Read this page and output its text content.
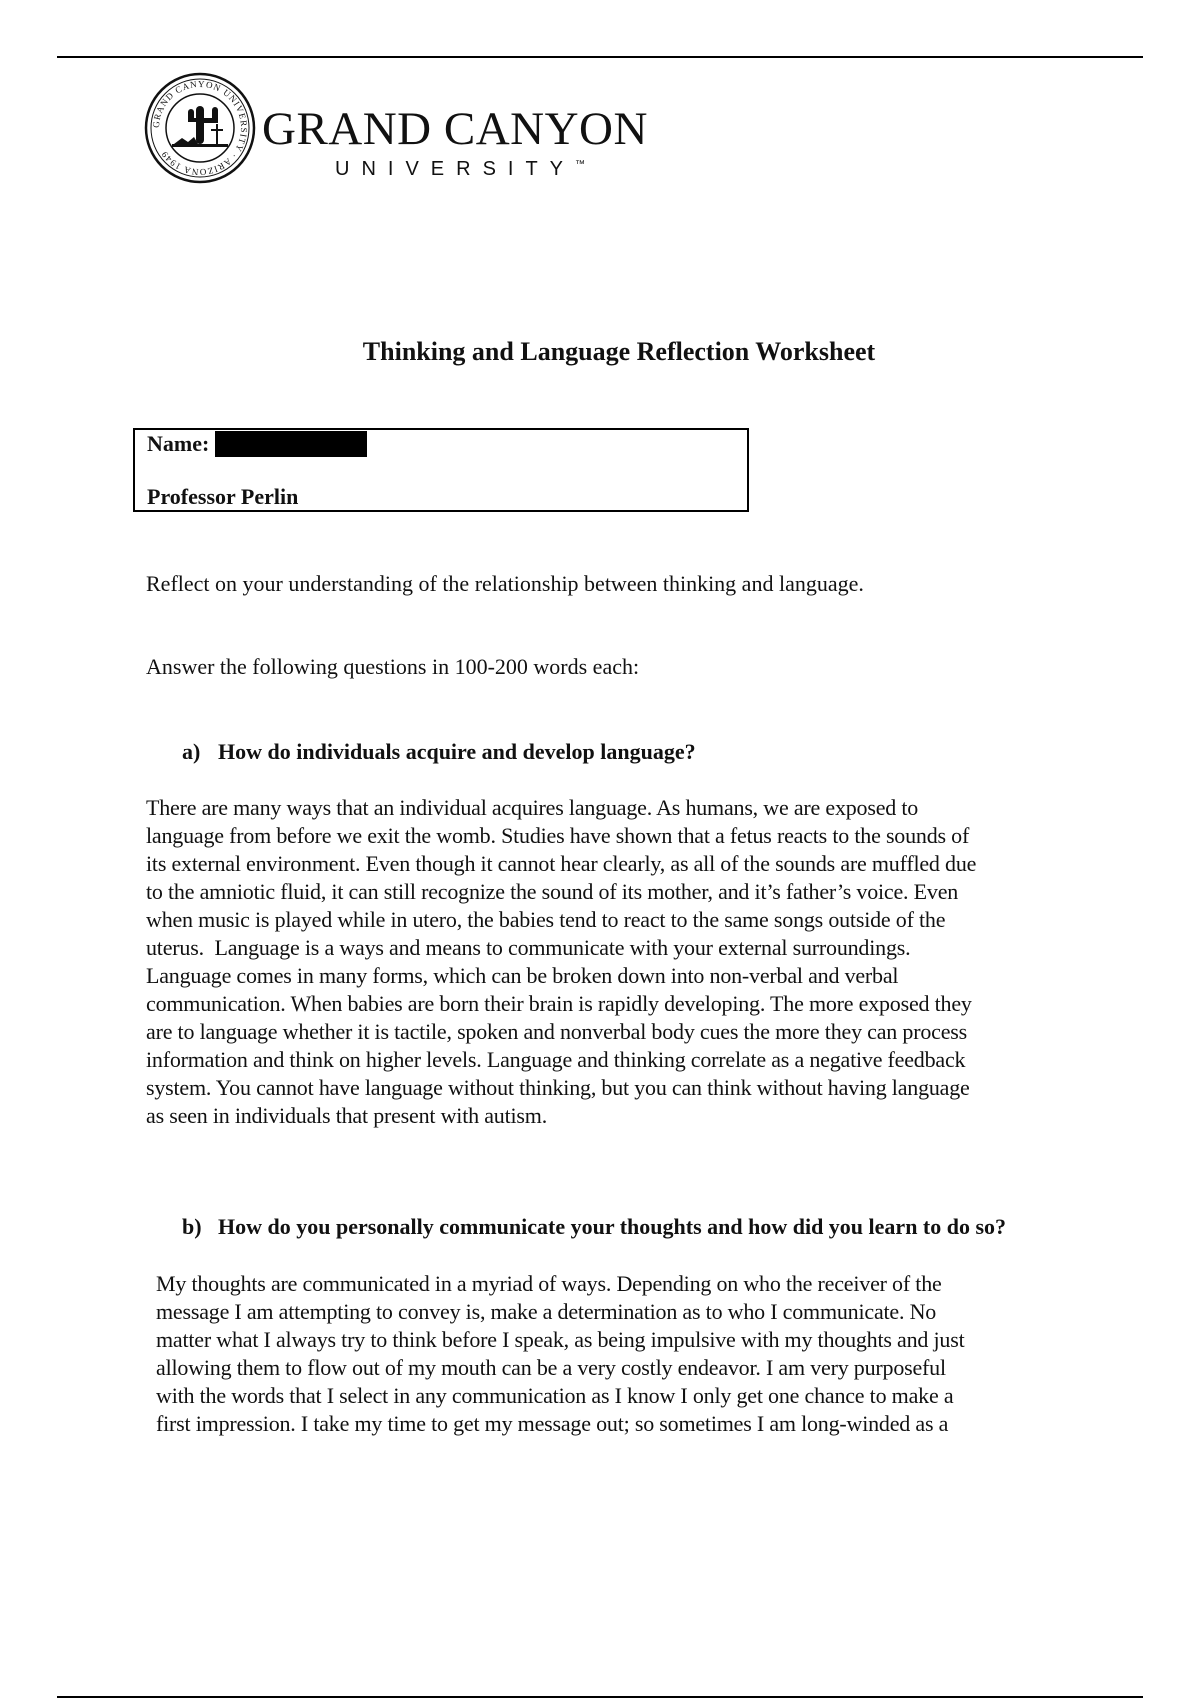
GRAND CANYON UNIVERSITY · ARIZONA 1949	GRAND CANYON
UNIVERSITY™
Thinking and Language Reflection Worksheet
Name:
Professor Perlin
Reflect on your understanding of the relationship between thinking and language.
Answer the following questions in 100-200 words each:
a) How do individuals acquire and develop language?
There are many ways that an individual acquires language. As humans, we are exposed to
language from before we exit the womb. Studies have shown that a fetus reacts to the sounds of
its external environment. Even though it cannot hear clearly, as all of the sounds are muffled due
to the amniotic fluid, it can still recognize the sound of its mother, and it’s father’s voice. Even
when music is played while in utero, the babies tend to react to the same songs outside of the
uterus.  Language is a ways and means to communicate with your external surroundings.
Language comes in many forms, which can be broken down into non-verbal and verbal
communication. When babies are born their brain is rapidly developing. The more exposed they
are to language whether it is tactile, spoken and nonverbal body cues the more they can process
information and think on higher levels. Language and thinking correlate as a negative feedback
system. You cannot have language without thinking, but you can think without having language
as seen in individuals that present with autism.
b) How do you personally communicate your thoughts and how did you learn to do so?
My thoughts are communicated in a myriad of ways. Depending on who the receiver of the
message I am attempting to convey is, make a determination as to who I communicate. No
matter what I always try to think before I speak, as being impulsive with my thoughts and just
allowing them to flow out of my mouth can be a very costly endeavor. I am very purposeful
with the words that I select in any communication as I know I only get one chance to make a
first impression. I take my time to get my message out; so sometimes I am long-winded as a
